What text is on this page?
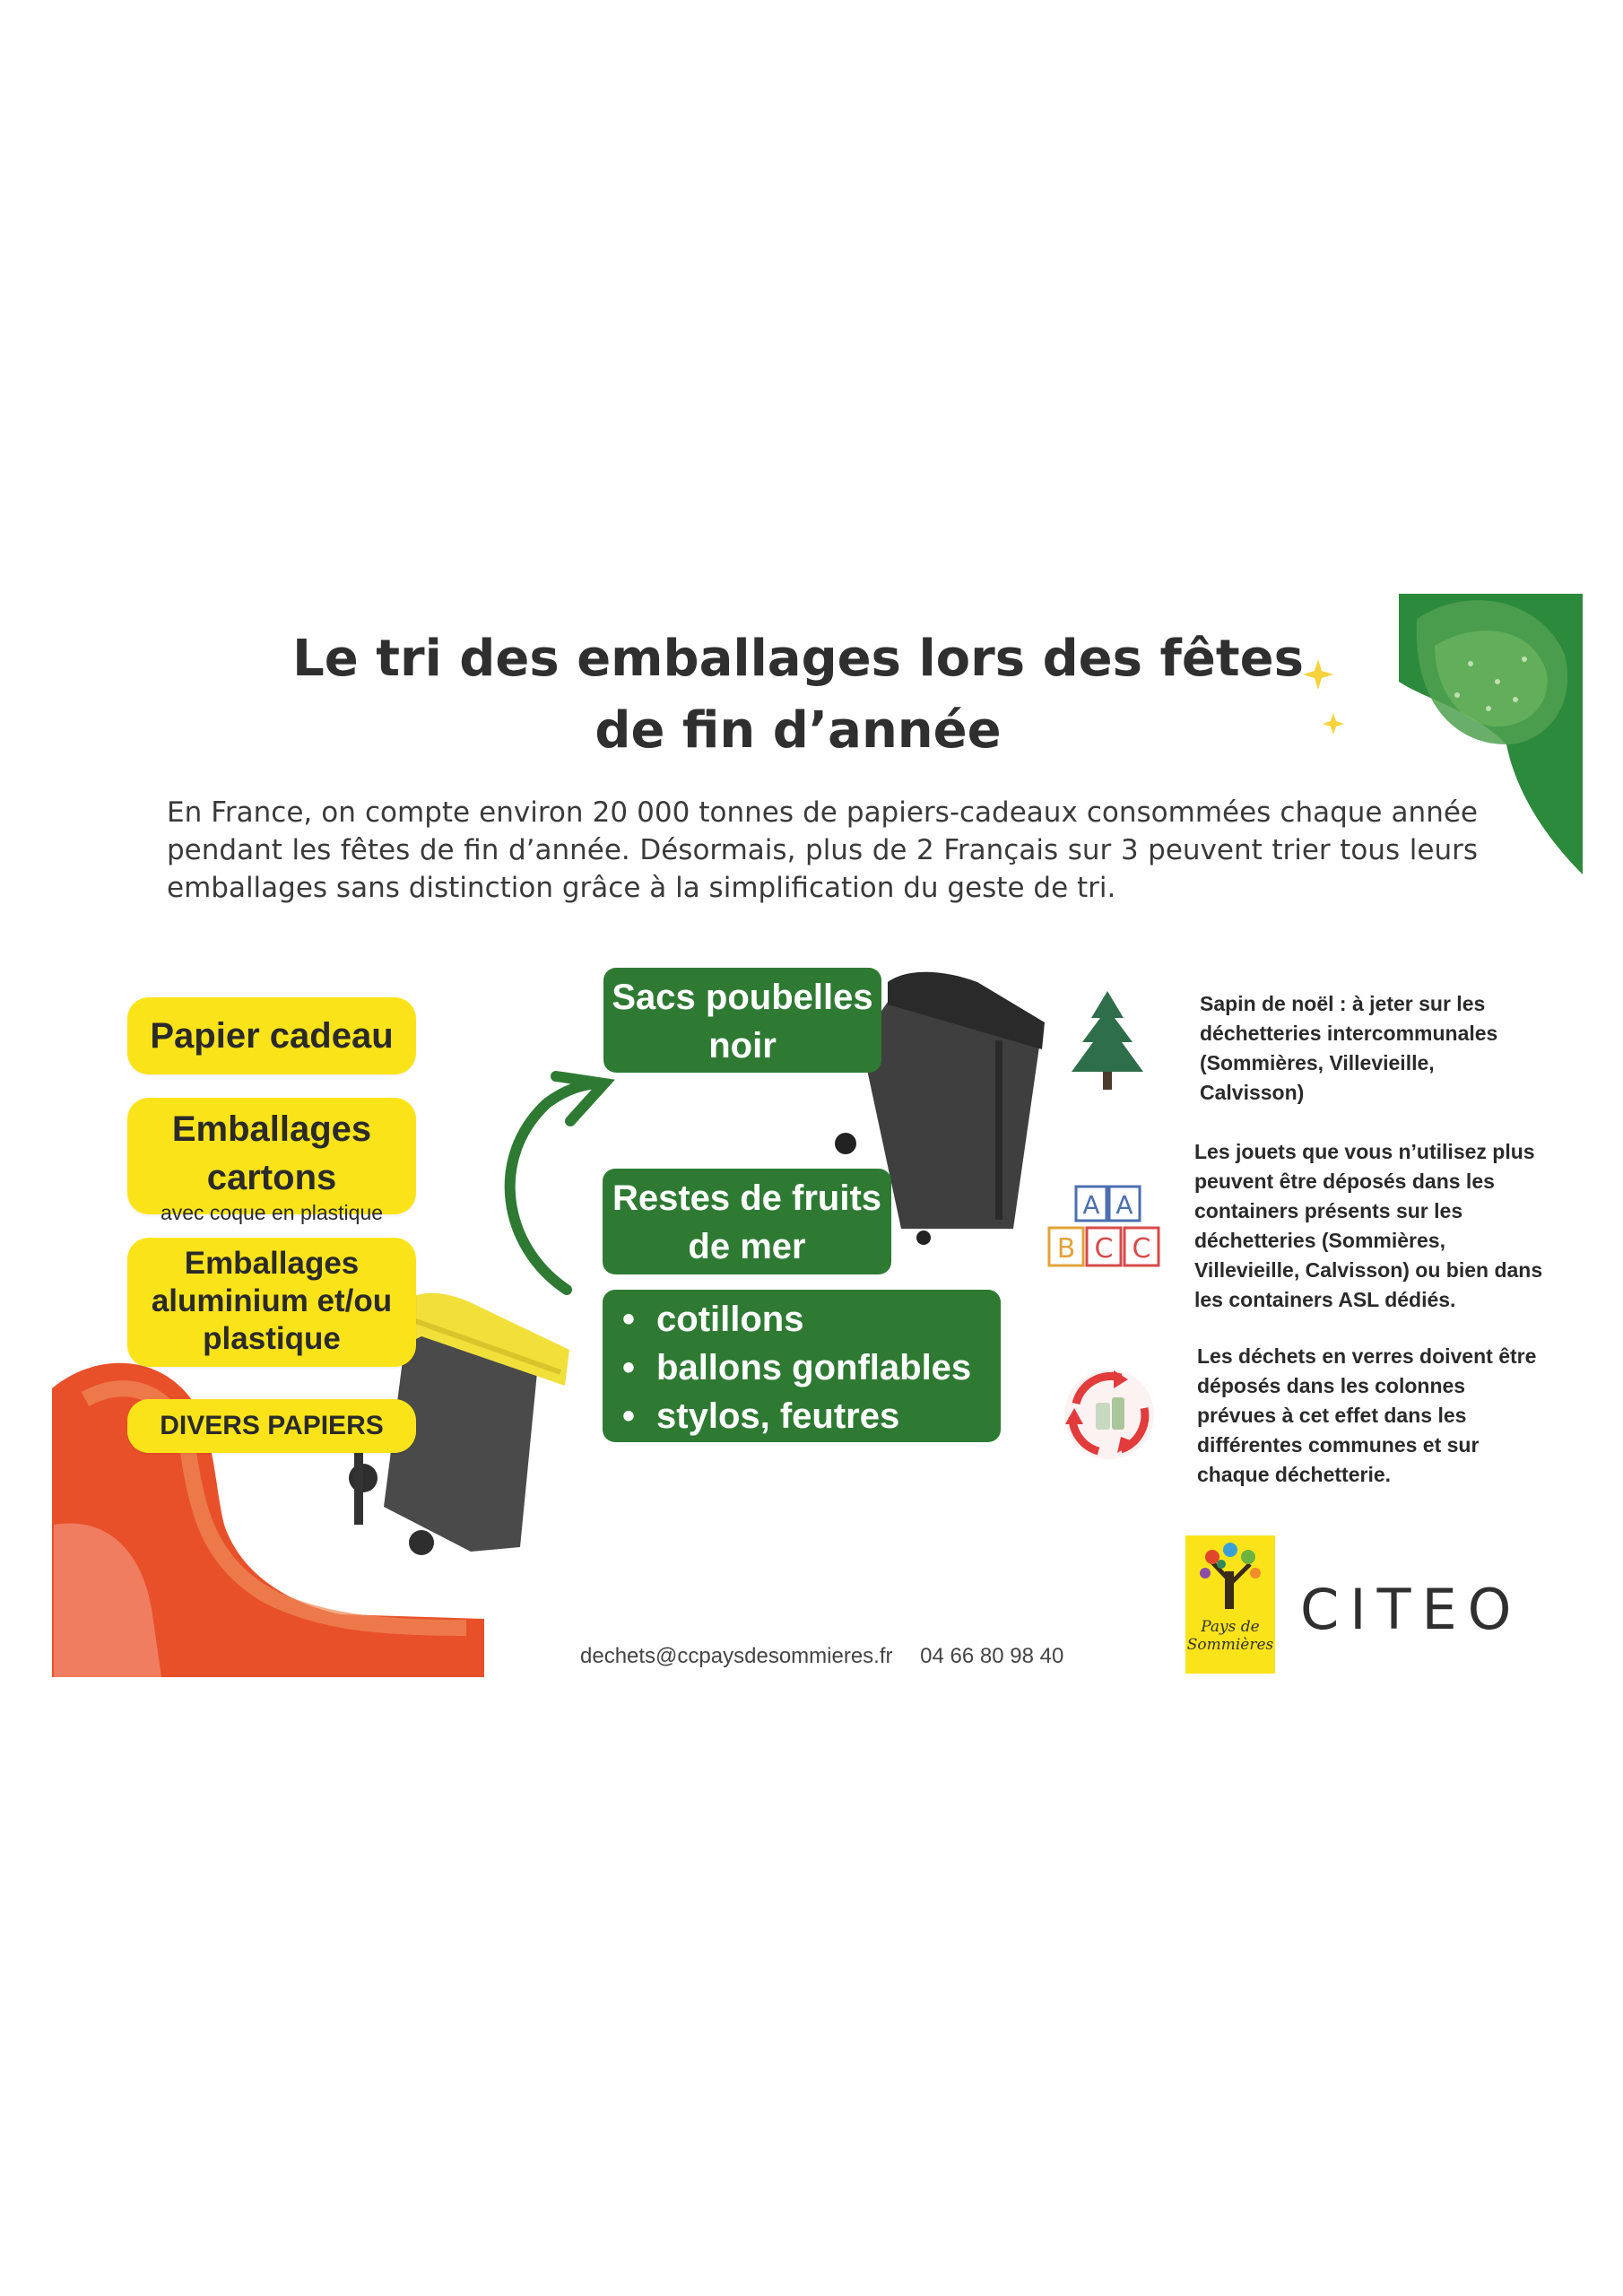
Le tri des emballages lors des fêtes
de fin d’année
En France, on compte environ 20 000 tonnes de papiers-cadeaux consommées chaque année pendant les fêtes de fin d’année. Désormais, plus de 2 Français sur 3 peuvent trier tous leurs emballages sans distinction grâce à la simplification du geste de tri.
Papier cadeau
Emballages cartons
avec coque en plastique
Emballages aluminium et/ou plastique
DIVERS PAPIERS
Sacs poubelles noir
Restes de fruits de mer
• cotillons
• ballons gonflables
• stylos, feutres
A A
B C C
Sapin de noël : à jeter sur les déchetteries intercommunales (Sommières, Villevieille, Calvisson)
Les jouets que vous n’utilisez plus peuvent être déposés dans les containers présents sur les déchetteries (Sommières, Villevieille, Calvisson) ou bien dans les containers ASL dédiés.
Les déchets en verres doivent être déposés dans les colonnes prévues à cet effet dans les différentes communes et sur chaque déchetterie.
dechets@ccpaysdesommieres.fr 04 66 80 98 40
Pays de
Sommières
CITEO
